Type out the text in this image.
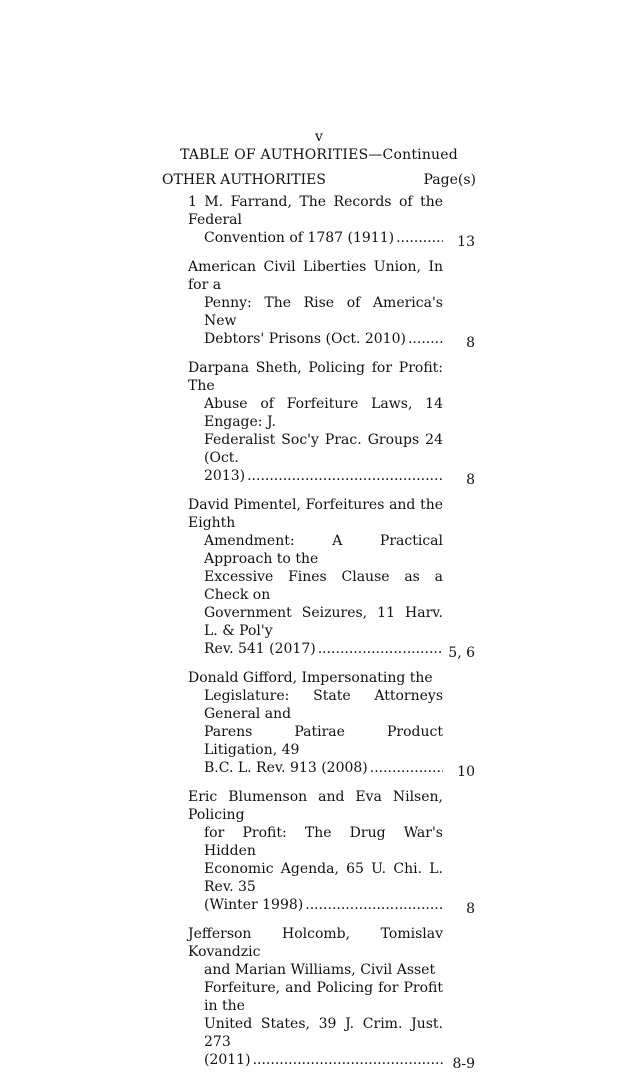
v
TABLE OF AUTHORITIES—Continued
OTHER AUTHORITIES	Page(s)
1 M. Farrand, The Records of the Federal
Convention of 1787 (1911) .....	13
American Civil Liberties Union, In for a
Penny: The Rise of America's New
Debtors' Prisons (Oct. 2010) .....	8
Darpana Sheth, Policing for Profit: The
Abuse of Forfeiture Laws, 14 Engage: J.
Federalist Soc'y Prac. Groups 24 (Oct.
2013) .....	8
David Pimentel, Forfeitures and the Eighth
Amendment: A Practical Approach to the
Excessive Fines Clause as a Check on
Government Seizures, 11 Harv. L. & Pol'y
Rev. 541 (2017) .....	5, 6
Donald Gifford, Impersonating the
Legislature: State Attorneys General and
Parens Patirae Product Litigation, 49
B.C. L. Rev. 913 (2008) .....	10
Eric Blumenson and Eva Nilsen, Policing
for Profit: The Drug War's Hidden
Economic Agenda, 65 U. Chi. L. Rev. 35
(Winter 1998) .....	8
Jefferson Holcomb, Tomislav Kovandzic
and Marian Williams, Civil Asset
Forfeiture, and Policing for Profit in the
United States, 39 J. Crim. Just. 273
(2011) .....	8-9
